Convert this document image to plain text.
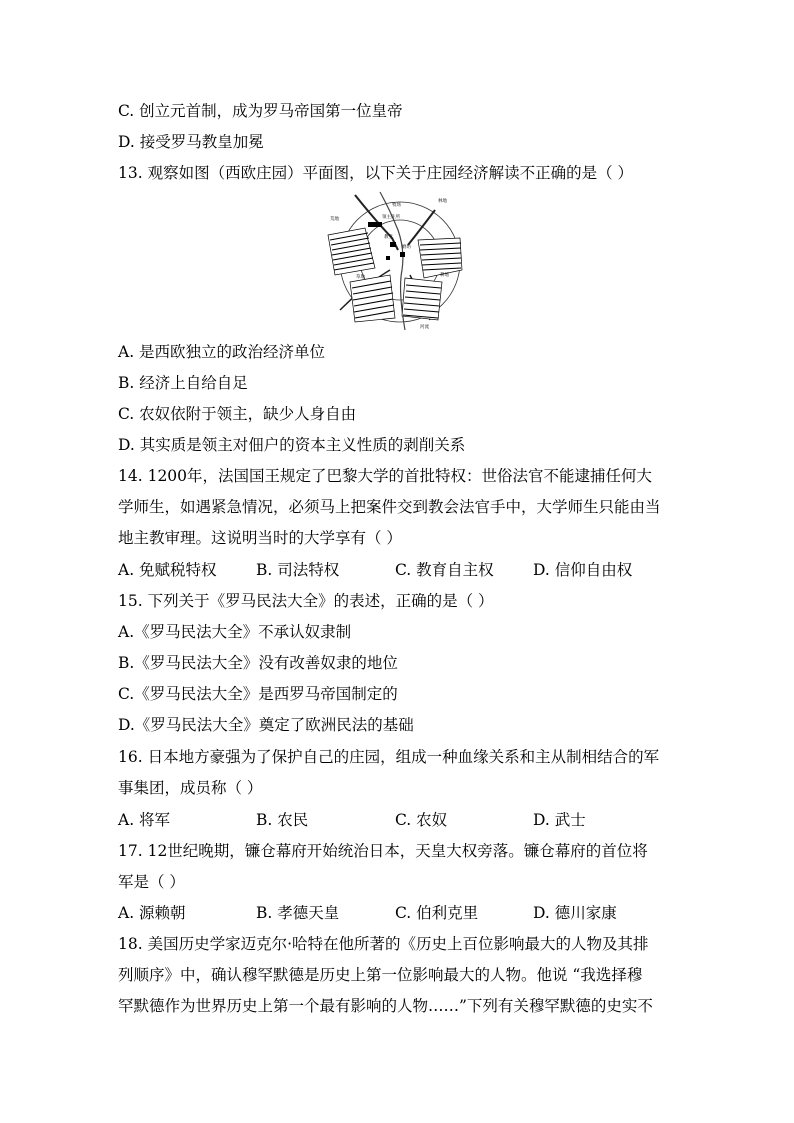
C. 创立元首制，成为罗马帝国第一位皇帝
D. 接受罗马教皇加冕
13. 观察如图（西欧庄园）平面图，以下关于庄园经济解读不正确的是（ ）
牧场
林地
荒地	领主住所
教堂
磨坊
草地	耕地
河流
A. 是西欧独立的政治经济单位
B. 经济上自给自足
C. 农奴依附于领主，缺少人身自由
D. 其实质是领主对佃户的资本主义性质的剥削关系
14. 1200年，法国国王规定了巴黎大学的首批特权：世俗法官不能逮捕任何大
学师生，如遇紧急情况，必须马上把案件交到教会法官手中，大学师生只能由当
地主教审理。这说明当时的大学享有（ ）
A. 免赋税特权	B. 司法特权	C. 教育自主权	D. 信仰自由权
15. 下列关于《罗马民法大全》的表述，正确的是（ ）
A.《罗马民法大全》不承认奴隶制
B.《罗马民法大全》没有改善奴隶的地位
C.《罗马民法大全》是西罗马帝国制定的
D.《罗马民法大全》奠定了欧洲民法的基础
16. 日本地方豪强为了保护自己的庄园，组成一种血缘关系和主从制相结合的军
事集团，成员称（ ）
A. 将军	B. 农民	C. 农奴	D. 武士
17. 12世纪晚期，镰仓幕府开始统治日本，天皇大权旁落。镰仓幕府的首位将
军是（ ）
A. 源赖朝	B. 孝德天皇	C. 伯利克里	D. 德川家康
18. 美国历史学家迈克尔·哈特在他所著的《历史上百位影响最大的人物及其排
列顺序》中，确认穆罕默德是历史上第一位影响最大的人物。他说 “我选择穆
罕默德作为世界历史上第一个最有影响的人物……”下列有关穆罕默德的史实不
